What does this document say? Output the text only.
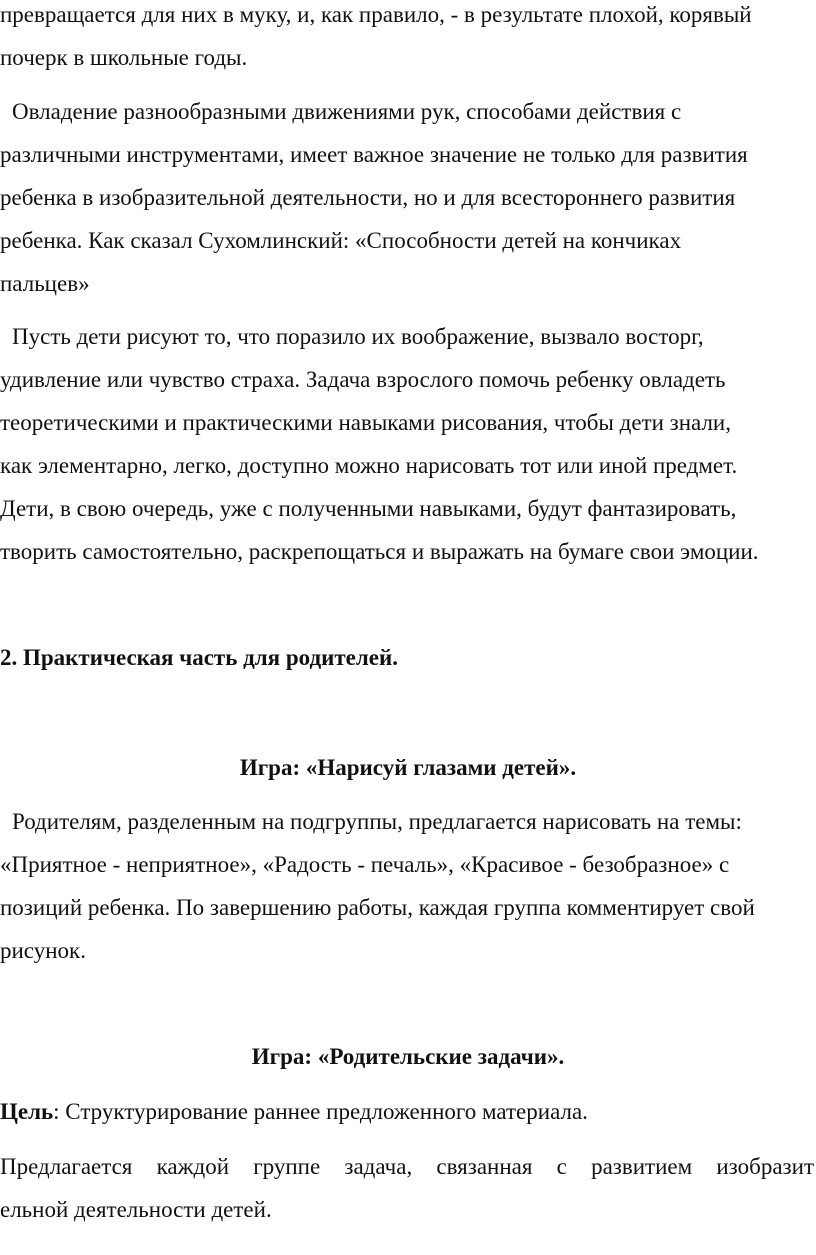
превращается для них в муку, и, как правило, - в результате плохой, корявый
почерк в школьные годы.
Овладение разнообразными движениями рук, способами действия с
различными инструментами, имеет важное значение не только для развития
ребенка в изобразительной деятельности, но и для всестороннего развития
ребенка. Как сказал Сухомлинский: «Способности детей на кончиках
пальцев»
Пусть дети рисуют то, что поразило их воображение, вызвало восторг,
удивление или чувство страха. Задача взрослого помочь ребенку овладеть
теоретическими и практическими навыками рисования, чтобы дети знали,
как элементарно, легко, доступно можно нарисовать тот или иной предмет.
Дети, в свою очередь, уже с полученными навыками, будут фантазировать,
творить самостоятельно, раскрепощаться и выражать на бумаге свои эмоции.
2. Практическая часть для родителей.
Игра: «Нарисуй глазами детей».
Родителям, разделенным на подгруппы, предлагается нарисовать на темы:
«Приятное - неприятное», «Радость - печаль», «Красивое - безобразное» с
позиций ребенка. По завершению работы, каждая группа комментирует свой
рисунок.
Игра: «Родительские задачи».
Цель: Структурирование раннее предложенного материала.
Предлагается каждой группе задача, связанная с развитием изобразит
ельной деятельности детей.
